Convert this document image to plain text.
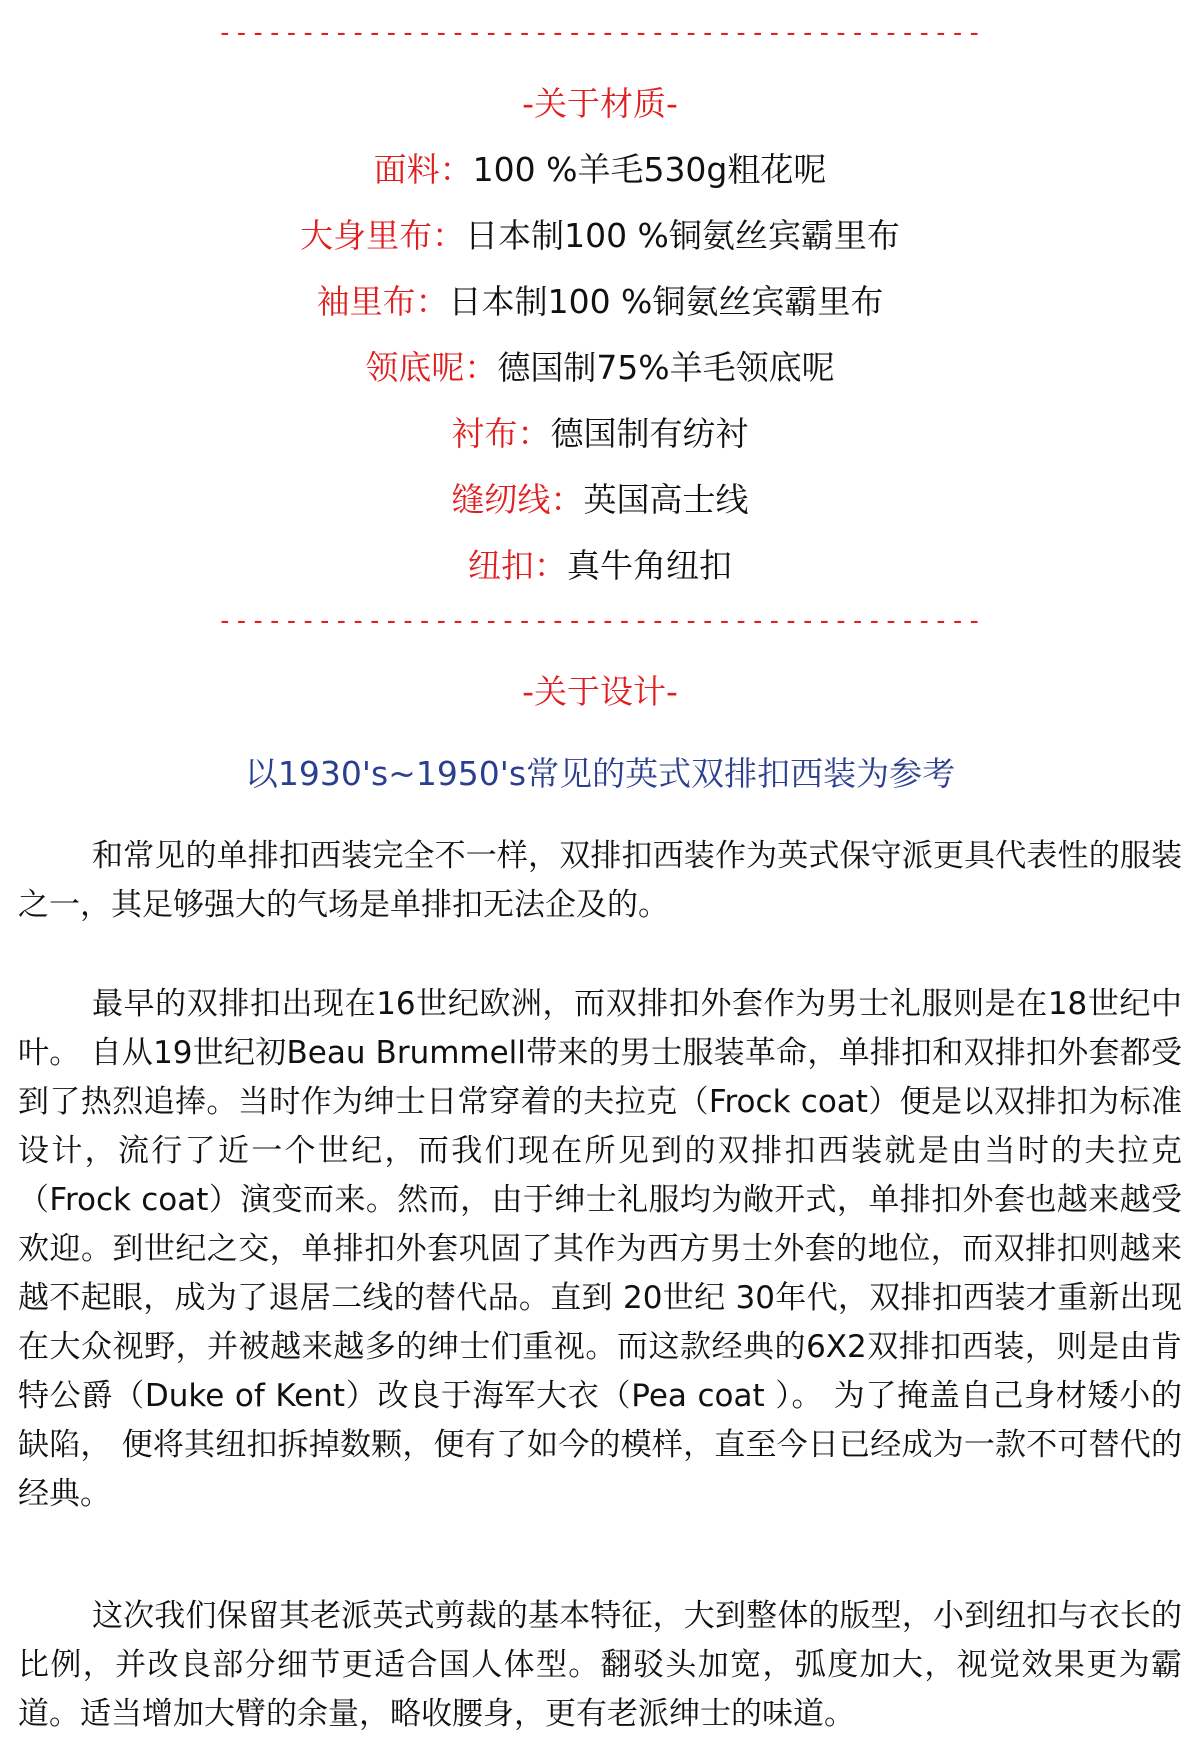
----------------------------------------------
-关于材质-
面料：100 %羊毛530g粗花呢
大身里布：日本制100 %铜氨丝宾霸里布
袖里布：日本制100 %铜氨丝宾霸里布
领底呢：德国制75%羊毛领底呢
衬布：德国制有纺衬
缝纫线：英国高士线
纽扣：真牛角纽扣
----------------------------------------------
-关于设计-
以1930's~1950's常见的英式双排扣西装为参考

和常见的单排扣西装完全不一样，双排扣西装作为英式保守派更具代表性的服装之一，其足够强大的气场是单排扣无法企及的。

最早的双排扣出现在16世纪欧洲，而双排扣外套作为男士礼服则是在18世纪中叶。 自从19世纪初Beau Brummell带来的男士服装革命，单排扣和双排扣外套都受到了热烈追捧。当时作为绅士日常穿着的夫拉克（Frock coat）便是以双排扣为标准设计，流行了近一个世纪，而我们现在所见到的双排扣西装就是由当时的夫拉克（Frock coat）演变而来。然而，由于绅士礼服均为敞开式，单排扣外套也越来越受欢迎。到世纪之交，单排扣外套巩固了其作为西方男士外套的地位，而双排扣则越来越不起眼，成为了退居二线的替代品。直到 20世纪 30年代，双排扣西装才重新出现在大众视野，并被越来越多的绅士们重视。而这款经典的6X2双排扣西装，则是由肯特公爵（Duke of Kent）改良于海军大衣（Pea coat ）。 为了掩盖自己身材矮小的缺陷， 便将其纽扣拆掉数颗，便有了如今的模样，直至今日已经成为一款不可替代的经典。

这次我们保留其老派英式剪裁的基本特征，大到整体的版型，小到纽扣与衣长的比例，并改良部分细节更适合国人体型。翻驳头加宽，弧度加大，视觉效果更为霸道。适当增加大臂的余量，略收腰身，更有老派绅士的味道。
